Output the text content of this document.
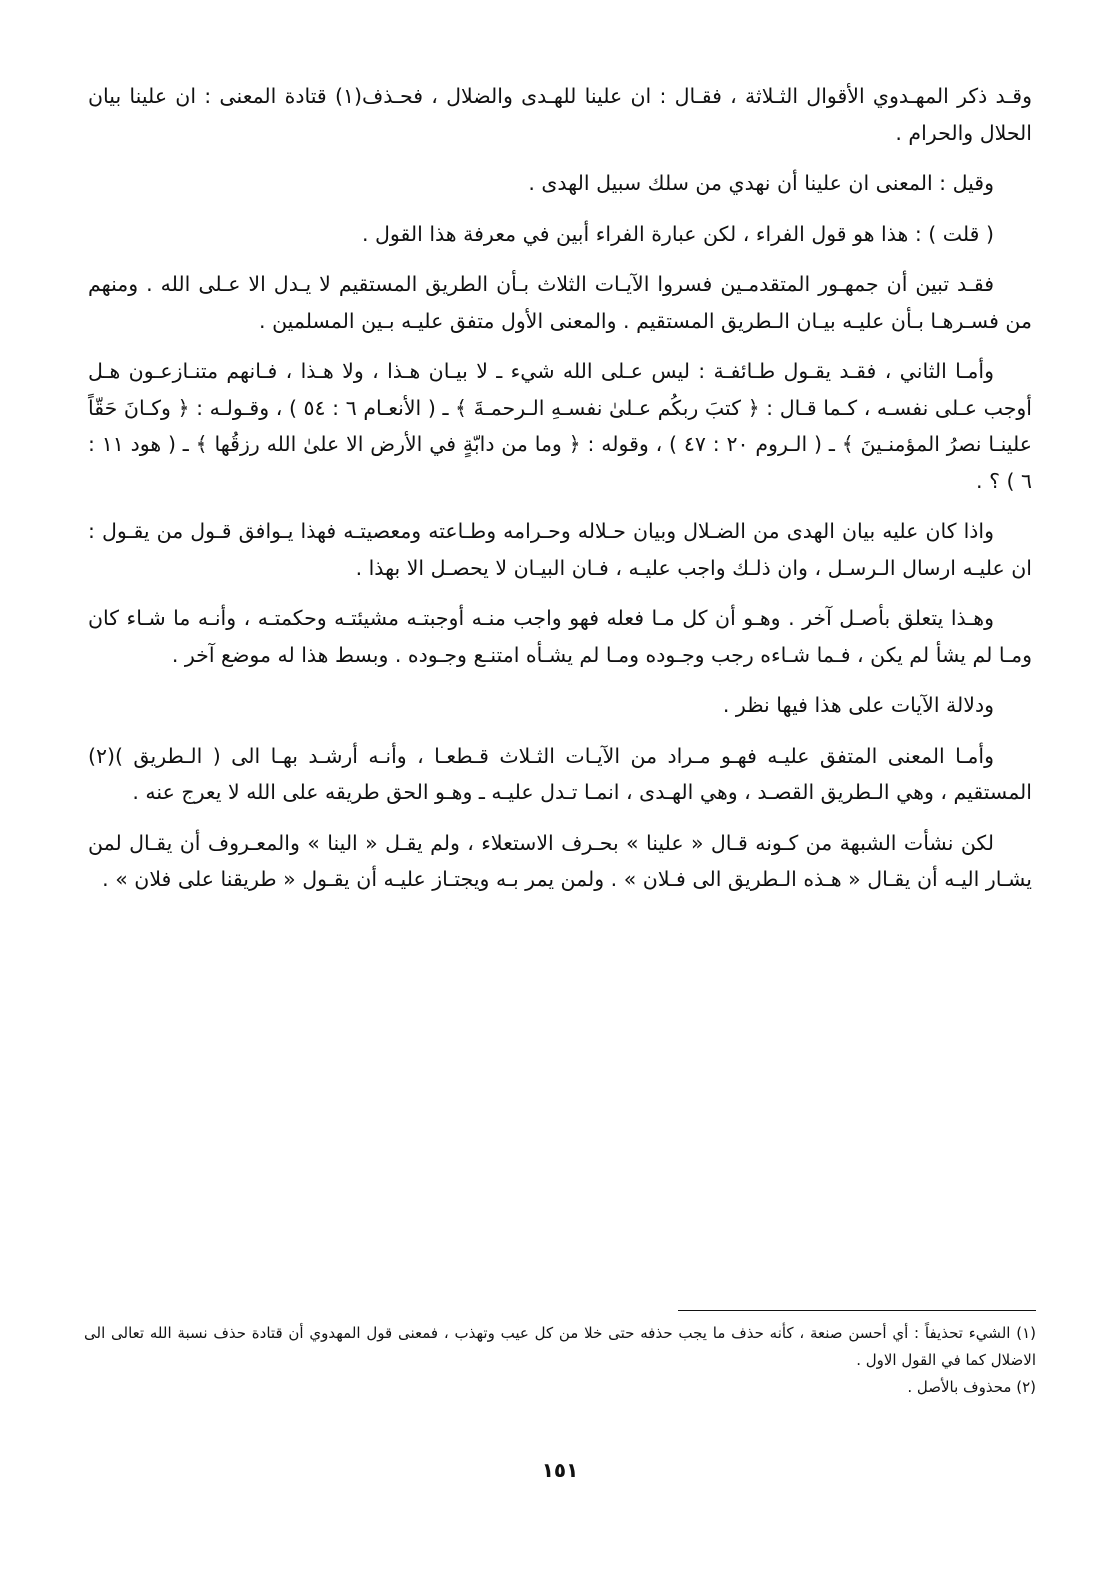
وقـد ذكر المهـدوي الأقوال الثـلاثة ، فقـال : ان علينا للهـدى والضلال ، فحـذف(١) قتادة المعنى : ان علينا بيان الحلال والحرام .

وقيل : المعنى ان علينا أن نهدي من سلك سبيل الهدى .

( قلت ) : هذا هو قول الفراء ، لكن عبارة الفراء أبين في معرفة هذا القول .

فقـد تبين أن جمهـور المتقدمـين فسروا الآيـات الثلاث بـأن الطريق المستقيم لا يـدل الا عـلى الله . ومنهم من فسـرهـا بـأن عليـه بيـان الـطريق المستقيم . والمعنى الأول متفق عليـه بـين المسلمين .

وأمـا الثاني ، فقـد يقـول طـائفـة : ليس عـلى الله شيء ـ لا بيـان هـذا ، ولا هـذا ، فـانهم متنـازعـون هـل أوجب عـلى نفسـه ، كـما قـال : ﴿ كتبَ ربكُم عـلىٰ نفسـهِ الـرحمـةَ ﴾ ـ ( الأنعـام ٦ : ٥٤ ) ، وقـولـه : ﴿ وكـانَ حَقّاً علينـا نصرُ المؤمنـينَ ﴾ ـ ( الـروم ٢٠ : ٤٧ ) ، وقوله : ﴿ وما من دابّةٍ في الأرض الا علىٰ الله رزقُها ﴾ ـ ( هود ١١ : ٦ ) ؟ .

واذا كان عليه بيان الهدى من الضـلال وبيان حـلاله وحـرامه وطـاعته ومعصيتـه فهذا يـوافق قـول من يقـول : ان عليـه ارسال الـرسـل ، وان ذلـك واجب عليـه ، فـان البيـان لا يحصـل الا بهذا .

وهـذا يتعلق بأصـل آخر . وهـو أن كل مـا فعله فهو واجب منـه أوجبتـه مشيئتـه وحكمتـه ، وأنـه ما شـاء كان ومـا لم يشأ لم يكن ، فـما شـاءه رجب وجـوده ومـا لم يشـأه امتنـع وجـوده . وبسط هذا له موضع آخر .

ودلالة الآيات على هذا فيها نظر .

وأمـا المعنى المتفق عليـه فهـو مـراد من الآيـات الثـلاث قـطعـا ، وأنـه أرشـد بهـا الى ( الـطريق )(٢) المستقيم ، وهي الـطريق القصـد ، وهي الهـدى ، انمـا تـدل عليـه ـ وهـو الحق طريقه على الله لا يعرج عنه .

لكن نشأت الشبهة من كـونه قـال « علينا » بحـرف الاستعلاء ، ولم يقـل « الينا » والمعـروف أن يقـال لمن يشـار اليـه أن يقـال « هـذه الـطريق الى فـلان » . ولمن يمر بـه ويجتـاز عليـه أن يقـول « طريقنا على فلان » .

(١) الشيء تحذيفاً : أي أحسن صنعة ، كأنه حذف ما يجب حذفه حتى خلا من كل عيب وتهذب ، فمعنى قول المهدوي أن قتادة حذف نسبة الله تعالى الى الاضلال كما في القول الاول .

(٢) محذوف بالأصل .

١٥١
